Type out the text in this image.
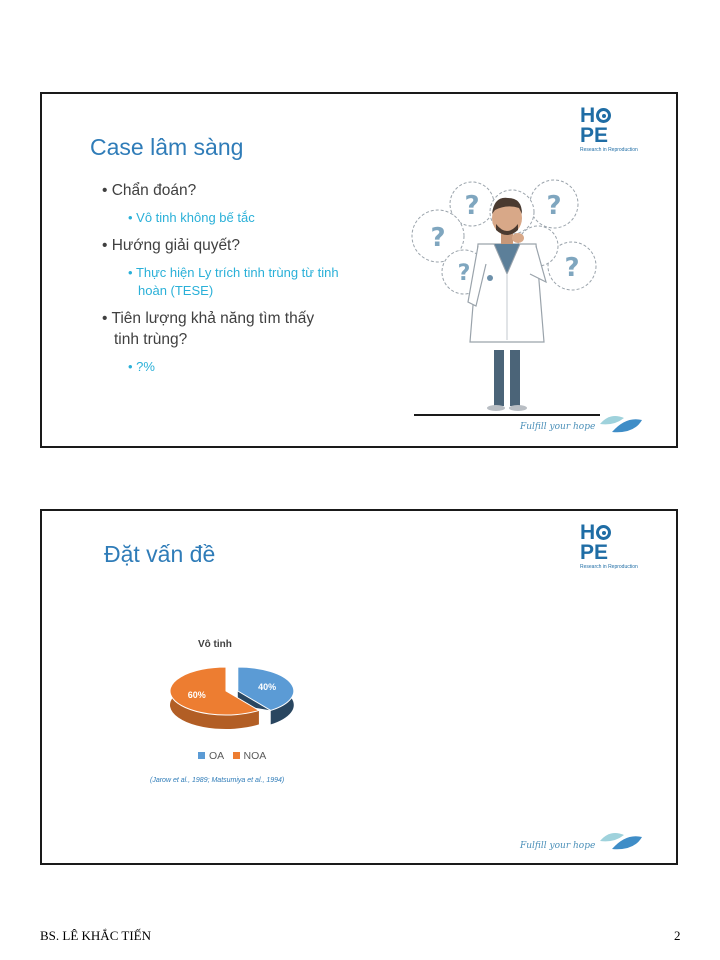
HPE
Research in Reproduction
Case lâm sàng
• Chẩn đoán?
• Vô tinh không bế tắc
• Hướng giải quyết?
• Thực hiện Ly trích tinh trùng từ tinh hoàn (TESE)
• Tiên lượng khả năng tìm thấy tinh trùng?
• ?%
?	?
?
?
?
Fulfill your hope
HPE
Research in Reproduction
Đặt vấn đề
Vô tinh
40%
60%
OA NOA
(Jarow et al., 1989; Matsumiya et al., 1994)
Fulfill your hope
BS. LÊ KHẮC TIẾN	2
